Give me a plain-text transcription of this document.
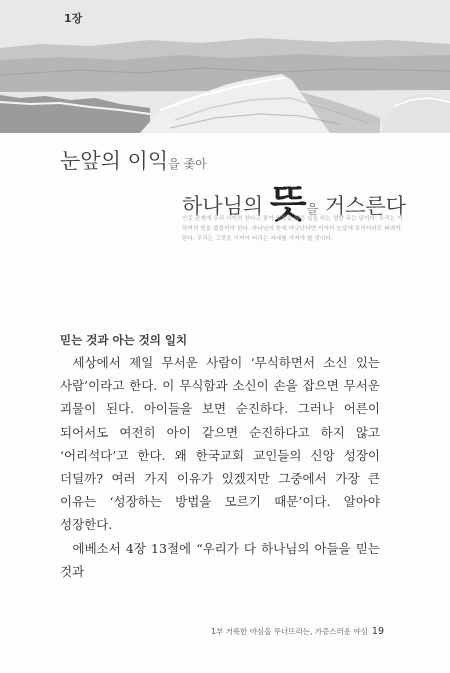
1장
눈앞의 이익을 좇아
하나님의 뜻을 거스른다
인종 관계에 우리 사이의 찬다고 좋아 영향을 많은 일을 하는 영향 주는 일이다. 우리는 이하여의 뜻을 불들어야 한다. 하나님의 뜻에 어긋난다면 이익이 눈앞에 보이더라도 버려야 한다. 우리는 그것을 기꺼이 버리는 자세를 가져야 할 것이다.
믿는 것과 아는 것의 일치

세상에서 제일 무서운 사람이 ‘무식하면서 소신 있는 사람’이라고 한다. 이 무식함과 소신이 손을 잡으면 무서운 괴물이 된다. 아이들을 보면 순진하다. 그러나 어른이 되어서도 여전히 아이 같으면 순진하다고 하지 않고 ‘어리석다’고 한다. 왜 한국교회 교인들의 신앙 성장이 더딜까? 여러 가지 이유가 있겠지만 그중에서 가장 큰 이유는 ‘성장하는 방법을 모르기 때문’이다. 알아야 성장한다.

에베소서 4장 13절에 “우리가 다 하나님의 아들을 믿는 것과

1부 거룩한 야심을 무너뜨리는, 가증스러운 야심 19
